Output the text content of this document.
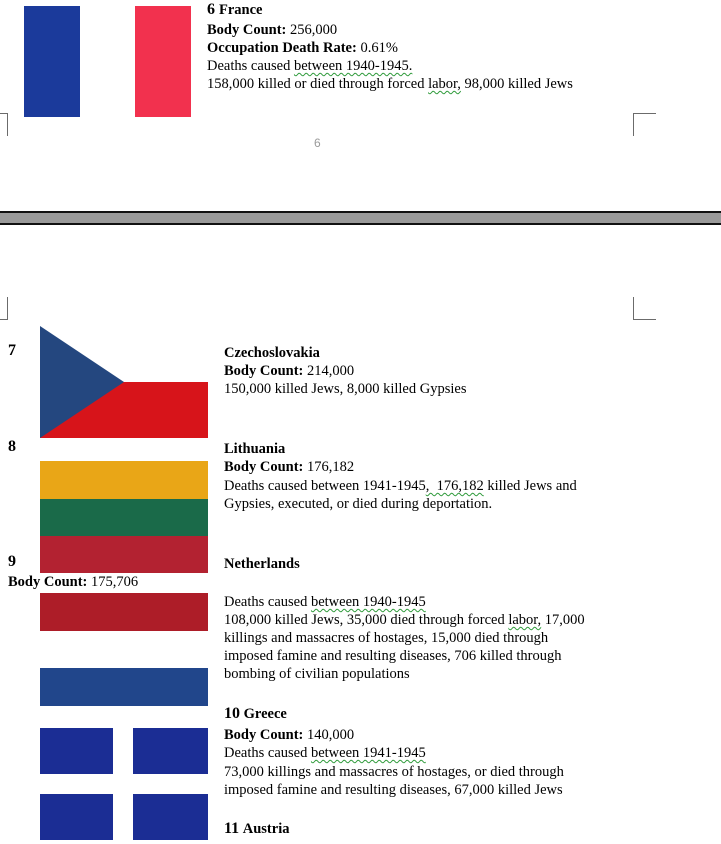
6 France
Body Count: 256,000
Occupation Death Rate: 0.61%
Deaths caused between 1940-1945.
158,000 killed or died through forced labor, 98,000 killed Jews
6
7	Czechoslovakia
Body Count: 214,000
150,000 killed Jews, 8,000 killed Gypsies
8	Lithuania
Body Count: 176,182
Deaths caused between 1941-1945,  176,182 killed Jews and
Gypsies, executed, or died during deportation.
9
Body Count: 175,706
Netherlands
Deaths caused between 1940-1945
108,000 killed Jews, 35,000 died through forced labor, 17,000
killings and massacres of hostages, 15,000 died through
imposed famine and resulting diseases, 706 killed through
bombing of civilian populations
10 Greece
Body Count: 140,000
Deaths caused between 1941-1945
73,000 killings and massacres of hostages, or died through
imposed famine and resulting diseases, 67,000 killed Jews
11 Austria
